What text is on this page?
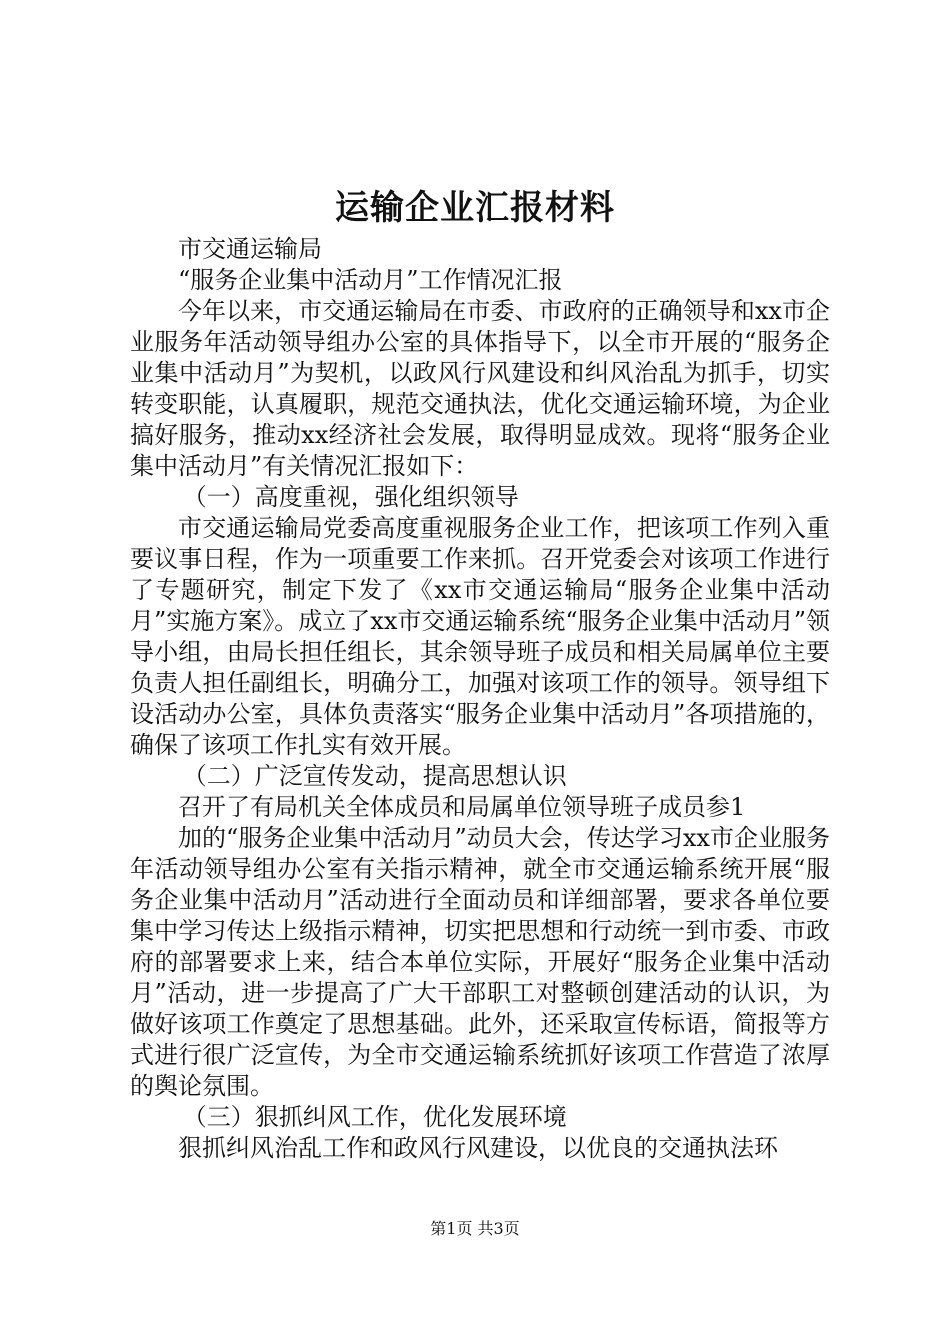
运输企业汇报材料

市交通运输局

“服务企业集中活动月”工作情况汇报

今年以来，市交通运输局在市委、市政府的正确领导和xx市企业服务年活动领导组办公室的具体指导下，以全市开展的“服务企业集中活动月”为契机，以政风行风建设和纠风治乱为抓手，切实转变职能，认真履职，规范交通执法，优化交通运输环境，为企业搞好服务，推动xx经济社会发展，取得明显成效。现将“服务企业集中活动月”有关情况汇报如下：

（一）高度重视，强化组织领导

市交通运输局党委高度重视服务企业工作，把该项工作列入重要议事日程，作为一项重要工作来抓。召开党委会对该项工作进行了专题研究，制定下发了《xx市交通运输局“服务企业集中活动月”实施方案》。成立了xx市交通运输系统“服务企业集中活动月”领导小组，由局长担任组长，其余领导班子成员和相关局属单位主要负责人担任副组长，明确分工，加强对该项工作的领导。领导组下设活动办公室，具体负责落实“服务企业集中活动月”各项措施的，确保了该项工作扎实有效开展。

（二）广泛宣传发动，提高思想认识

召开了有局机关全体成员和局属单位领导班子成员参1

加的“服务企业集中活动月”动员大会，传达学习xx市企业服务年活动领导组办公室有关指示精神，就全市交通运输系统开展“服务企业集中活动月”活动进行全面动员和详细部署，要求各单位要集中学习传达上级指示精神，切实把思想和行动统一到市委、市政府的部署要求上来，结合本单位实际，开展好“服务企业集中活动月”活动，进一步提高了广大干部职工对整顿创建活动的认识，为做好该项工作奠定了思想基础。此外，还采取宣传标语，简报等方式进行很广泛宣传，为全市交通运输系统抓好该项工作营造了浓厚的舆论氛围。

（三）狠抓纠风工作，优化发展环境

狠抓纠风治乱工作和政风行风建设，以优良的交通执法环

第1页 共3页
